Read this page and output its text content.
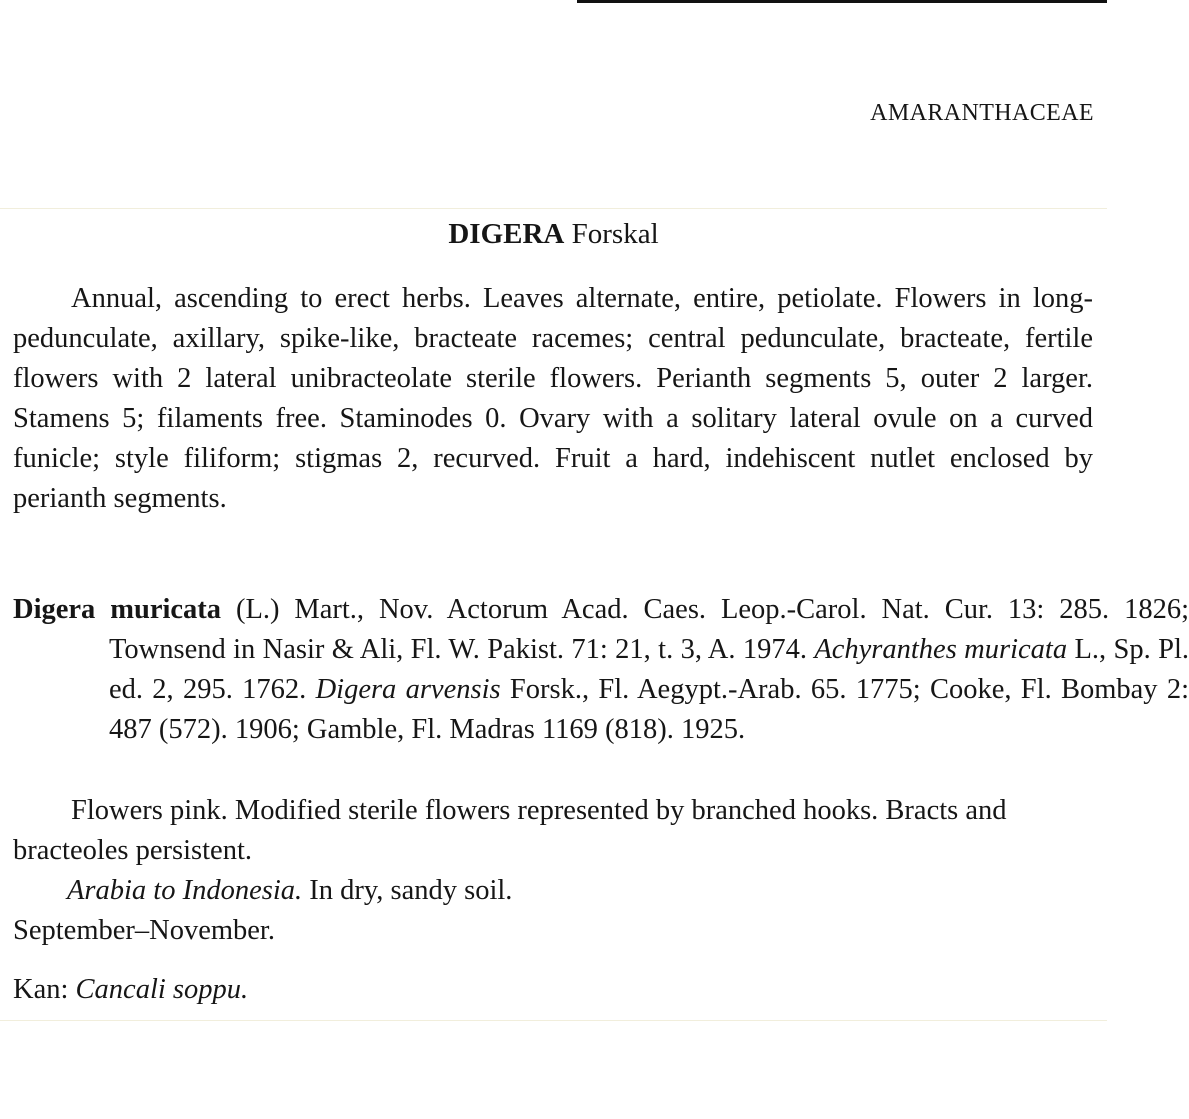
AMARANTHACEAE
DIGERA Forskal
Annual, ascending to erect herbs. Leaves alternate, entire, petiolate. Flowers in long-pedunculate, axillary, spike-like, bracteate racemes; central pedunculate, bracteate, fertile flowers with 2 lateral unibracteolate sterile flowers. Perianth segments 5, outer 2 larger. Stamens 5; filaments free. Staminodes 0. Ovary with a solitary lateral ovule on a curved funicle; style filiform; stigmas 2, recurved. Fruit a hard, indehiscent nutlet enclosed by perianth segments.
Digera muricata (L.) Mart., Nov. Actorum Acad. Caes. Leop.-Carol. Nat. Cur. 13: 285. 1826; Townsend in Nasir & Ali, Fl. W. Pakist. 71: 21, t. 3, A. 1974. Achyranthes muricata L., Sp. Pl. ed. 2, 295. 1762. Digera arvensis Forsk., Fl. Aegypt.-Arab. 65. 1775; Cooke, Fl. Bombay 2: 487 (572). 1906; Gamble, Fl. Madras 1169 (818). 1925.
Flowers pink. Modified sterile flowers represented by branched hooks. Bracts and bracteoles persistent.
Arabia to Indonesia. In dry, sandy soil.
September–November.
Kan: Cancali soppu.
